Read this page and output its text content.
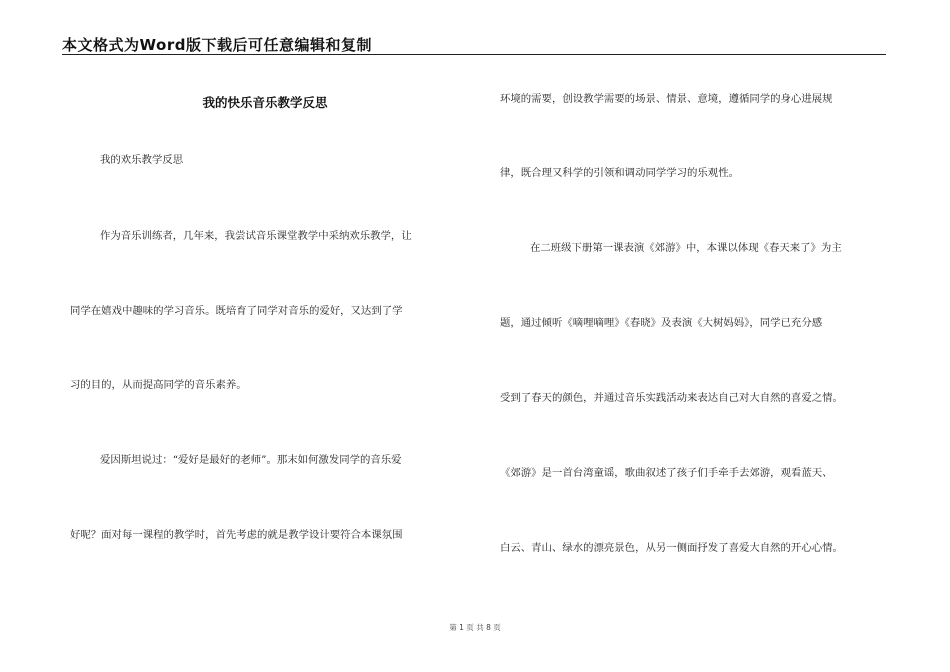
本文格式为Word版下载后可任意编辑和复制
我的快乐音乐教学反思
我的欢乐教学反思
作为音乐训练者，几年来，我尝试音乐课堂教学中采纳欢乐教学，让
同学在嬉戏中趣味的学习音乐。既培育了同学对音乐的爱好，又达到了学
习的目的，从而提高同学的音乐素养。
爱因斯坦说过：“爱好是最好的老师”。那末如何激发同学的音乐爱
好呢？面对每一课程的教学时，首先考虑的就是教学设计要符合本课氛围
环境的需要，创设教学需要的场景、情景、意境，遵循同学的身心进展规
律，既合理又科学的引领和调动同学学习的乐观性。
在二班级下册第一课表演《郊游》中，本课以体现《春天来了》为主
题，通过倾听《嘀哩嘀哩》《春晓》及表演《大树妈妈》，同学已充分感
受到了春天的颜色，并通过音乐实践活动来表达自己对大自然的喜爱之情。
《郊游》是一首台湾童谣，歌曲叙述了孩子们手牵手去郊游，观看蓝天、
白云、青山、绿水的漂亮景色，从另一侧面抒发了喜爱大自然的开心心情。
第 1 页 共 8 页
